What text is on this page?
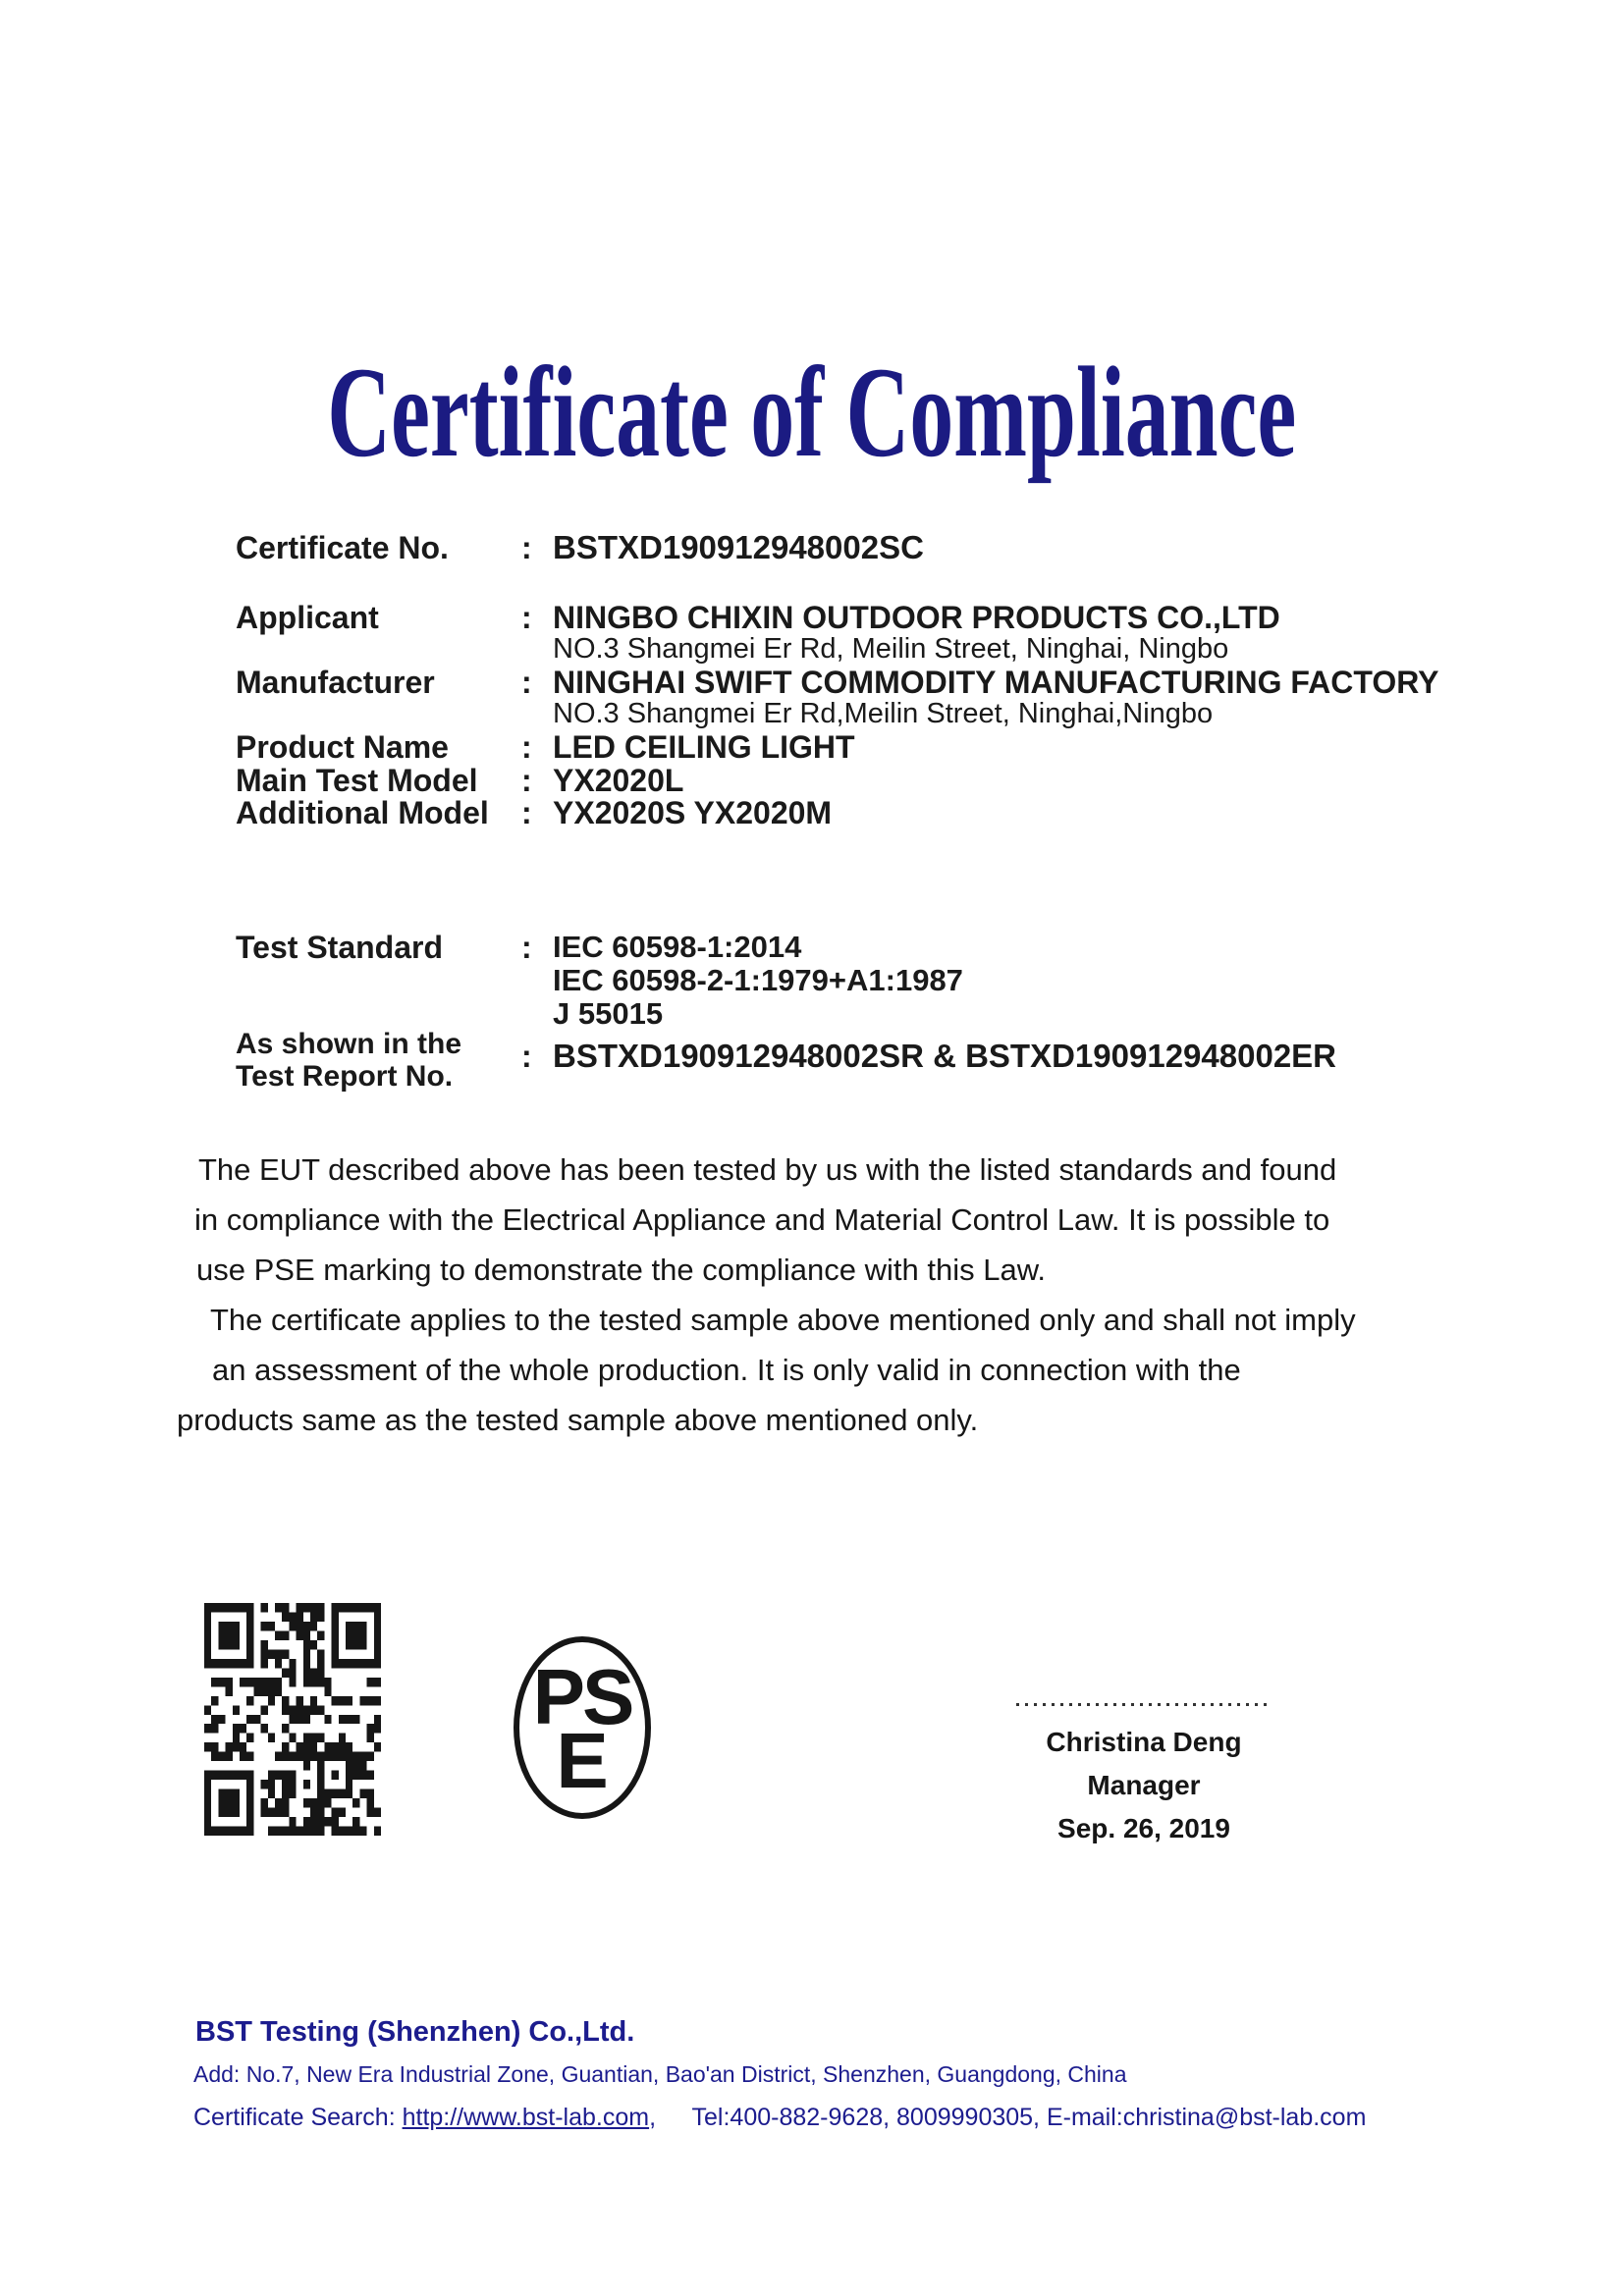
Certificate of Compliance
Certificate No. : BSTXD190912948002SC
Applicant	: NINGBO CHIXIN OUTDOOR PRODUCTS CO.,LTD
NO.3 Shangmei Er Rd, Meilin Street, Ninghai, Ningbo
Manufacturer	: NINGHAI SWIFT COMMODITY MANUFACTURING FACTORY
NO.3 Shangmei Er Rd,Meilin Street, Ninghai,Ningbo
Product Name : LED CEILING LIGHT
Main Test Model : YX2020L
Additional Model : YX2020S YX2020M
Test Standard	: IEC 60598-1:2014
IEC 60598-2-1:1979+A1:1987
J 55015
As shown in the
Test Report No.
: BSTXD190912948002SR & BSTXD190912948002ER
The EUT described above has been tested by us with the listed standards and found
in compliance with the Electrical Appliance and Material Control Law. It is possible to
use PSE marking to demonstrate the compliance with this Law.
The certificate applies to the tested sample above mentioned only and shall not imply
an assessment of the whole production. It is only valid in connection with the
products same as the tested sample above mentioned only.
PS
E	Christina Deng
Manager
Sep. 26, 2019
BST Testing (Shenzhen) Co.,Ltd.
Add: No.7, New Era Industrial Zone, Guantian, Bao'an District, Shenzhen, Guangdong, China
Certificate Search: http://www.bst-lab.com, Tel:400-882-9628, 8009990305, E-mail:christina@bst-lab.com
